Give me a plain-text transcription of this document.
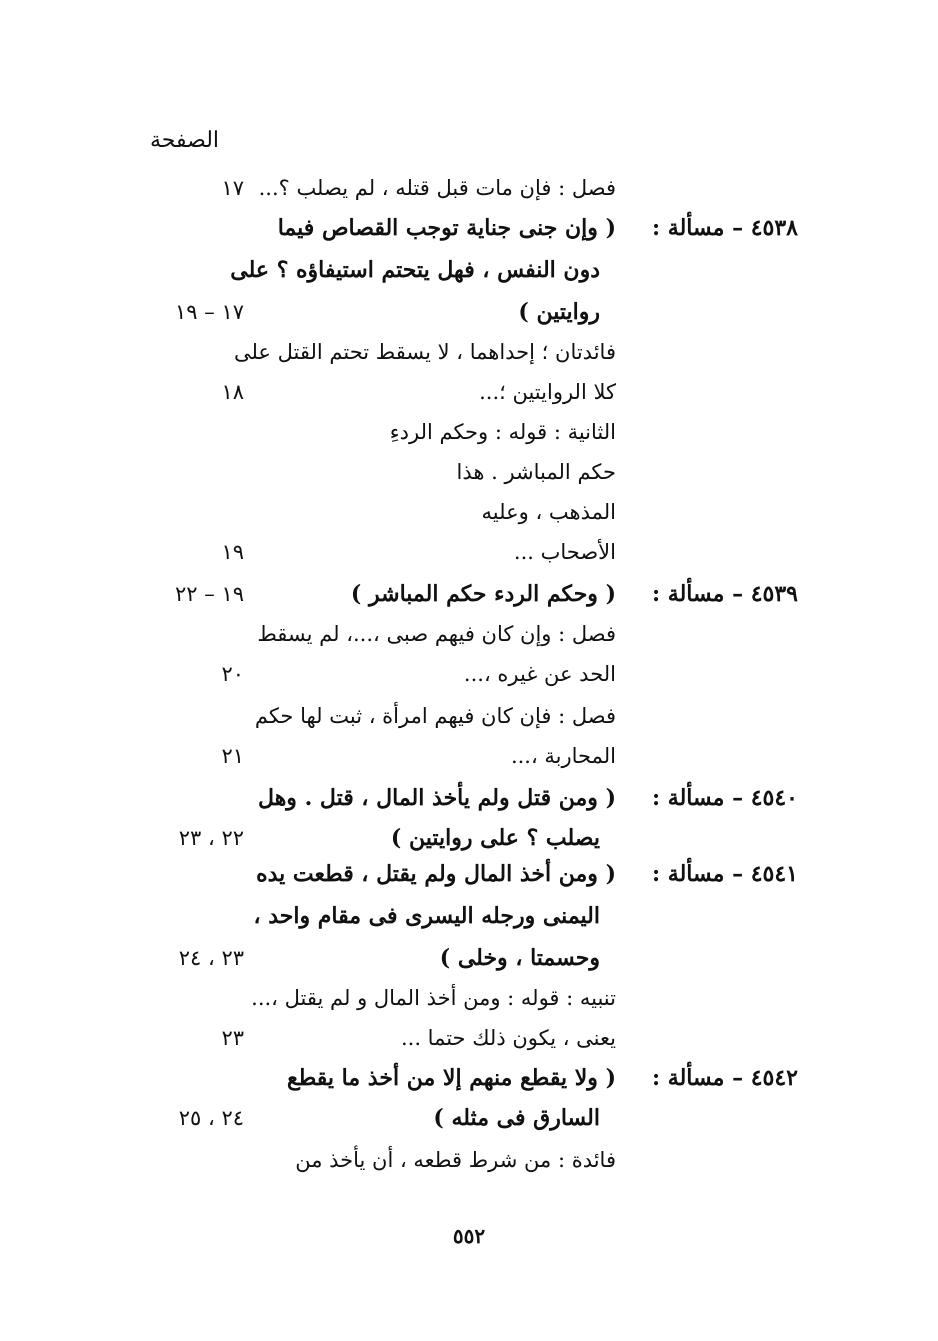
الصفحة
فصل : فإن مات قبل قتله ، لم يصلب ؟...
١٧
٤٥٣٨ – مسألة :
( وإن جنى جناية توجب القصاص فيما
دون النفس ، فهل يتحتم استيفاؤه ؟ على
روايتين )
١٧ – ١٩
فائدتان ؛ إحداهما ، لا يسقط تحتم القتل على
كلا الروايتين ؛...
١٨
الثانية : قوله : وحكم الردءِ
حكم المباشر . هذا
المذهب ، وعليه
الأصحاب ...
١٩
٤٥٣٩ – مسألة :
( وحكم الردء حكم المباشر )
١٩ – ٢٢
فصل : وإن كان فيهم صبى ،...، لم يسقط
الحد عن غيره ،...
٢٠
فصل : فإن كان فيهم امرأة ، ثبت لها حكم
المحاربة ،...
٢١
٤٥٤٠ – مسألة :
( ومن قتل ولم يأخذ المال ، قتل . وهل
يصلب ؟ على روايتين )
٢٢ ، ٢٣
٤٥٤١ – مسألة :
( ومن أخذ المال ولم يقتل ، قطعت يده
اليمنى ورجله اليسرى فى مقام واحد ،
وحسمتا ، وخلى )
٢٣ ، ٢٤
تنبيه : قوله : ومن أخذ المال و لم يقتل ،...
يعنى ، يكون ذلك حتما ...
٢٣
٤٥٤٢ – مسألة :
( ولا يقطع منهم إلا من أخذ ما يقطع
السارق فى مثله )
٢٤ ، ٢٥
فائدة : من شرط قطعه ، أن يأخذ من
٥٥٢
